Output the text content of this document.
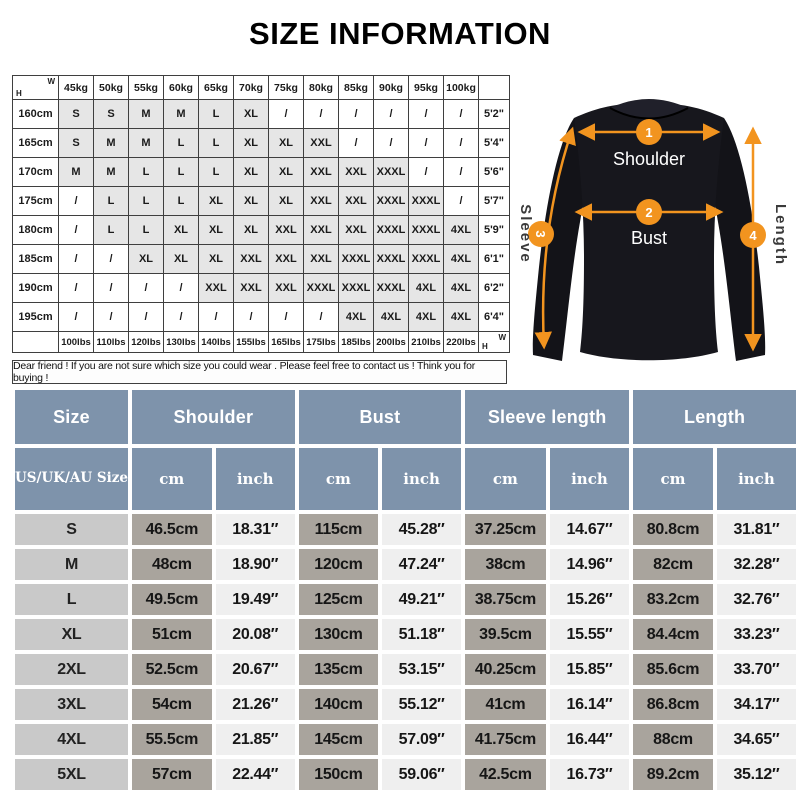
SIZE INFORMATION
H
W	45kg	50kg	55kg	60kg	65kg	70kg	75kg	80kg	85kg	90kg	95kg	100kg	
160cm	S	S	M	M	L	XL	/	/	/	/	/	/	5'2"
165cm	S	M	M	L	L	XL	XL	XXL	/	/	/	/	5'4"
170cm	M	M	L	L	L	XL	XL	XXL	XXL	XXXL	/	/	5'6"
175cm	/	L	L	L	XL	XL	XL	XXL	XXL	XXXL	XXXL	/	5'7"
180cm	/	L	L	XL	XL	XL	XXL	XXL	XXL	XXXL	XXXL	4XL	5'9"
185cm	/	/	XL	XL	XL	XXL	XXL	XXL	XXXL	XXXL	XXXL	4XL	6'1"
190cm	/	/	/	/	XXL	XXL	XXL	XXXL	XXXL	XXXL	4XL	4XL	6'2"
195cm	/	/	/	/	/	/	/	/	4XL	4XL	4XL	4XL	6'4"
	100lbs	110lbs	120lbs	130lbs	140lbs	155lbs	165lbs	175lbs	185lbs	200lbs	210lbs	220lbs	H
W
Dear friend ! If you are not sure which size you could wear . Please feel free to contact us ! Think you for buying !
1
Shoulder
2
Bust
3
Sleeve	4 Length
Size	Shoulder		Bust		Sleeve length		Length	
US/UK/AU Size	cm	inch	cm	inch	cm	inch	cm	inch
S	46.5cm	18.31″	115cm	45.28″	37.25cm	14.67″	80.8cm	31.81″
M	48cm	18.90″	120cm	47.24″	38cm	14.96″	82cm	32.28″
L	49.5cm	19.49″	125cm	49.21″	38.75cm	15.26″	83.2cm	32.76″
XL	51cm	20.08″	130cm	51.18″	39.5cm	15.55″	84.4cm	33.23″
2XL	52.5cm	20.67″	135cm	53.15″	40.25cm	15.85″	85.6cm	33.70″
3XL	54cm	21.26″	140cm	55.12″	41cm	16.14″	86.8cm	34.17″
4XL	55.5cm	21.85″	145cm	57.09″	41.75cm	16.44″	88cm	34.65″
5XL	57cm	22.44″	150cm	59.06″	42.5cm	16.73″	89.2cm	35.12″
